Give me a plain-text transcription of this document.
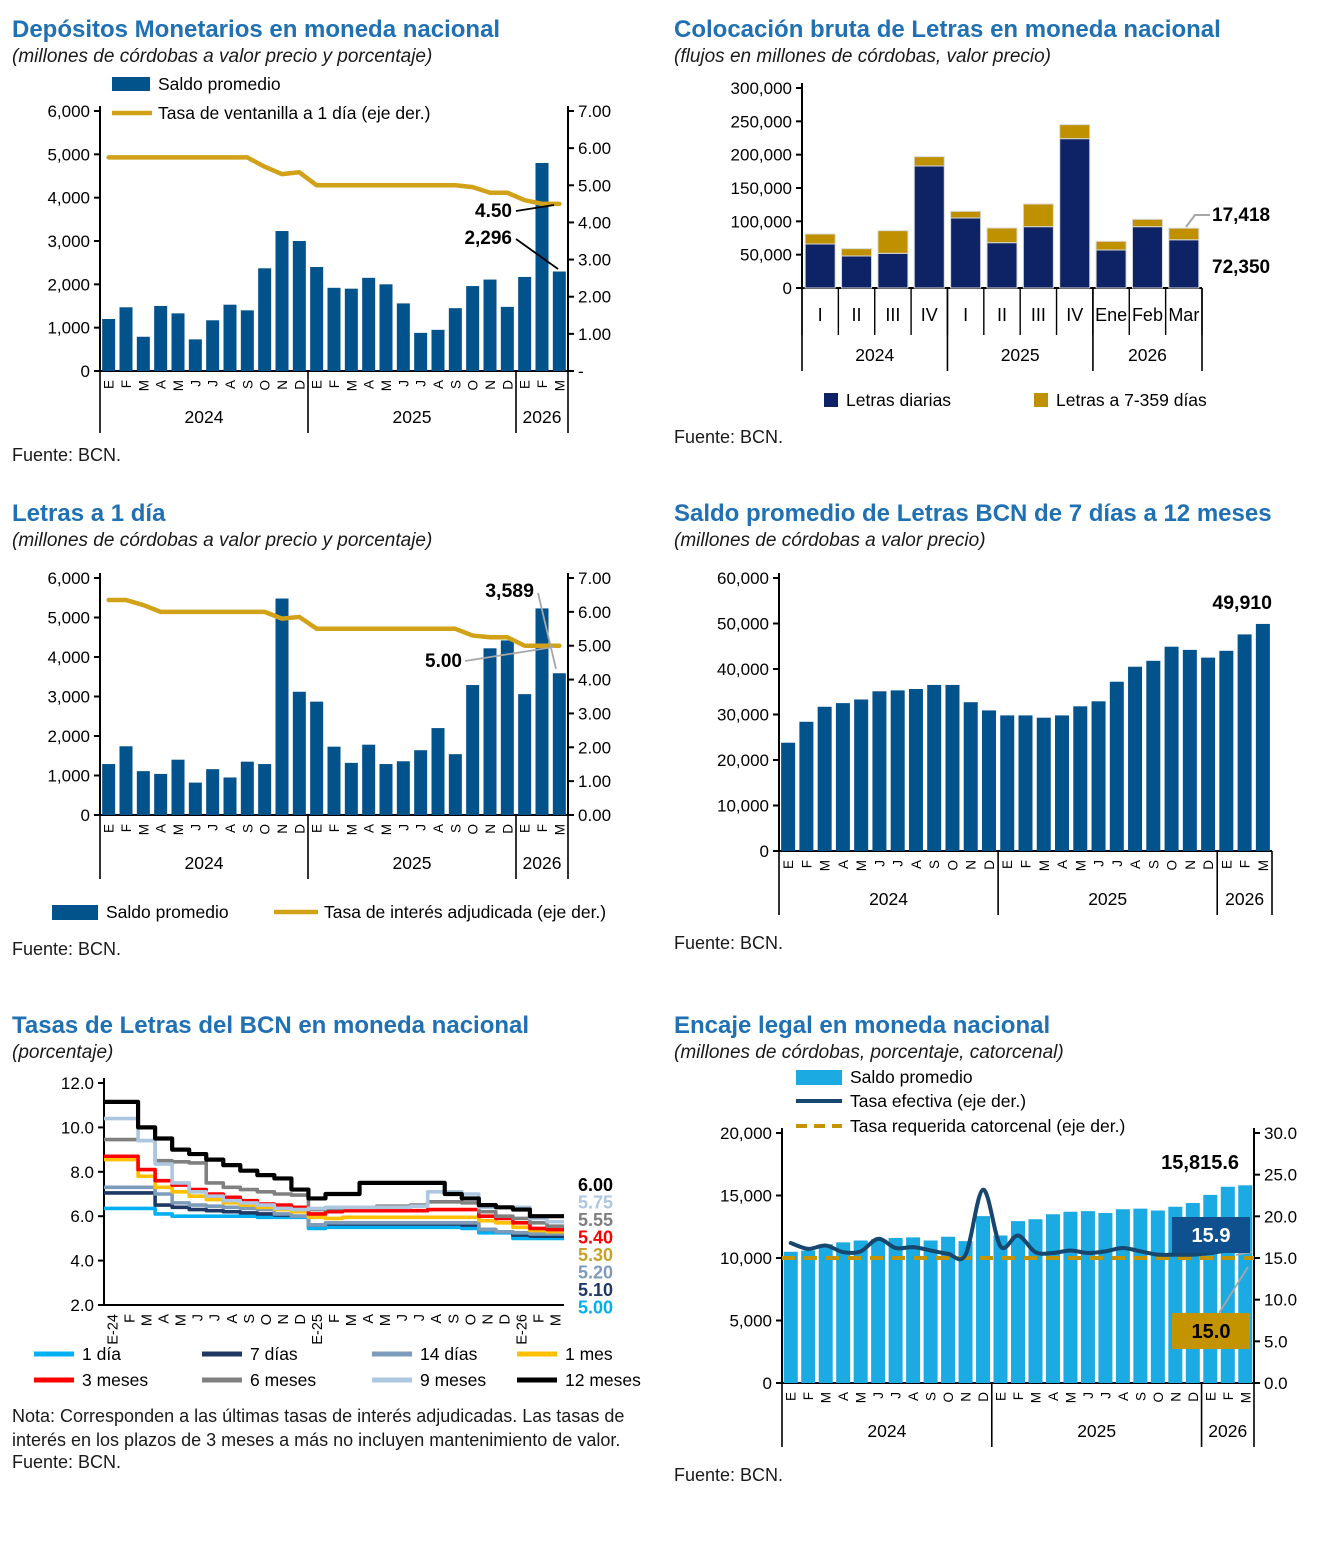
Depósitos Monetarios en moneda nacional

(millones de córdobas a valor precio y porcentaje)

Saldo promedio
Tasa de ventanilla a 1 día (eje der.)
0
1,000
2,000
3,000
4,000
5,000
6,000
-
1.00
2.00
3.00
4.00
5.00
6.00
7.00
E F M A M J J A S O N D E F M A M J J A S O N D E F M
2024	2025	2026
4.50
2,296

Fuente: BCN.

Colocación bruta de Letras en moneda nacional

(flujos en millones de córdobas, valor precio)

0
50,000
100,000
150,000
200,000
250,000
300,000
I II III IV I II III IV Ene Feb Mar
2024	2025	2026
Letras diarias	Letras a 7-359 días
17,418
72,350

Fuente: BCN.

Letras a 1 día

(millones de córdobas a valor precio y porcentaje)

0
1,000
2,000
3,000
4,000
5,000
6,000
0.00
1.00
2.00
3.00
4.00
5.00
6.00
7.00
E F M A M J J A S O N D E F M A M J J A S O N D E F M
2024	2025	2026
3,589
5.00
Saldo promedio	Tasa de interés adjudicada (eje der.)

Fuente: BCN.

Saldo promedio de Letras BCN de 7 días a 12 meses

(millones de córdobas a valor precio)

0
10,000
20,000
30,000
40,000
50,000
60,000
E F M A M J J A S O N D E F M A M J J A S O N D E F M
2024	2025	2026
49,910

Fuente: BCN.

Tasas de Letras del BCN en moneda nacional

(porcentaje)

2.0
4.0
6.0
8.0
10.0
12.0
E-24 F M A M J J A S O N D E-25 F M A M J J A S O N D E-26 F M
6.00
5.75
5.55
5.40
5.30
5.20
5.10
5.00
1 día	7 días	14 días	1 mes
3 meses	6 meses	9 meses	12 meses

Nota: Corresponden a las últimas tasas de interés adjudicadas. Las tasas de interés en los plazos de 3 meses a más no incluyen mantenimiento de valor.

Fuente: BCN.

Encaje legal en moneda nacional

(millones de córdobas, porcentaje, catorcenal)

Saldo promedio
Tasa efectiva (eje der.)
Tasa requerida catorcenal (eje der.)
0
5,000
10,000
15,000
20,000
0.0
5.0
10.0
15.0
20.0
25.0
30.0
E F M A M J J A S O N D E F M A M J J A S O N D E F M
2024	2025	2026
15,815.6
15.9
15.0

Fuente: BCN.
